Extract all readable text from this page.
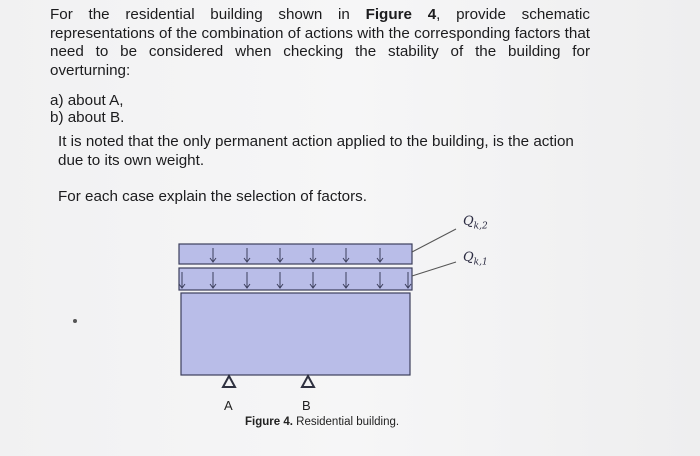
For the residential building shown in Figure 4, provide schematic representations of the combination of actions with the corresponding factors that need to be considered when checking the stability of the building for overturning:

a) about A,

b) about B.

It is noted that the only permanent action applied to the building, is the action due to its own weight.

For each case explain the selection of factors.

$Q_{k,2}$
$Q_{k,1}$
A	B
Figure 4. Residential building.
